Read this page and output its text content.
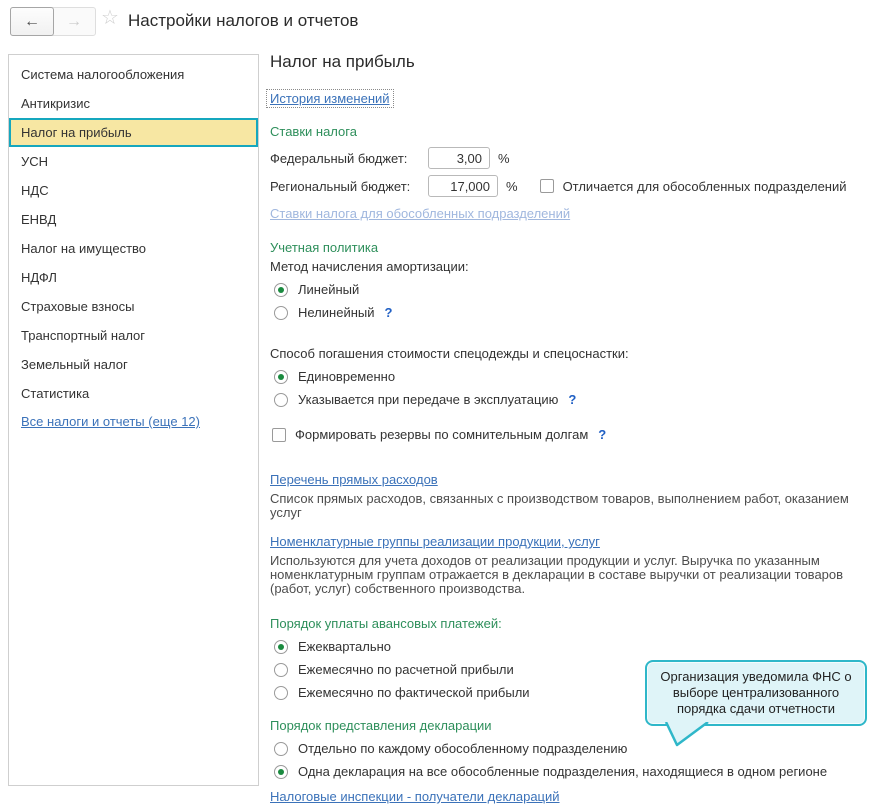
←	→ ☆ Настройки налогов и отчетов
Система налогообложения
Антикризис
Налог на прибыль
УСН
НДС
ЕНВД
Налог на имущество
НДФЛ
Страховые взносы
Транспортный налог
Земельный налог
Статистика
Все налоги и отчеты (еще 12)
Налог на прибыль
История изменений
Ставки налога
Федеральный бюджет:
3,00	%
Региональный бюджет:
17,000	%	Отличается для обособленных подразделений
Ставки налога для обособленных подразделений
Учетная политика
Метод начисления амортизации:
Линейный
Нелинейный ?
Способ погашения стоимости спецодежды и спецоснастки:
Единовременно
Указывается при передаче в эксплуатацию ?
Формировать резервы по сомнительным долгам ?
Перечень прямых расходов
Список прямых расходов, связанных с производством товаров, выполнением работ, оказанием услуг
Номенклатурные группы реализации продукции, услуг
Используются для учета доходов от реализации продукции и услуг. Выручка по указанным номенклатурным группам отражается в декларации в составе выручки от реализации товаров (работ, услуг) собственного производства.
Порядок уплаты авансовых платежей:
Ежеквартально
Ежемесячно по расчетной прибыли
Ежемесячно по фактической прибыли
Порядок представления декларации
Отдельно по каждому обособленному подразделению
Одна декларация на все обособленные подразделения, находящиеся в одном регионе
Налоговые инспекции - получатели деклараций
Организация уведомила ФНС о выборе централизованного порядка сдачи отчетности
